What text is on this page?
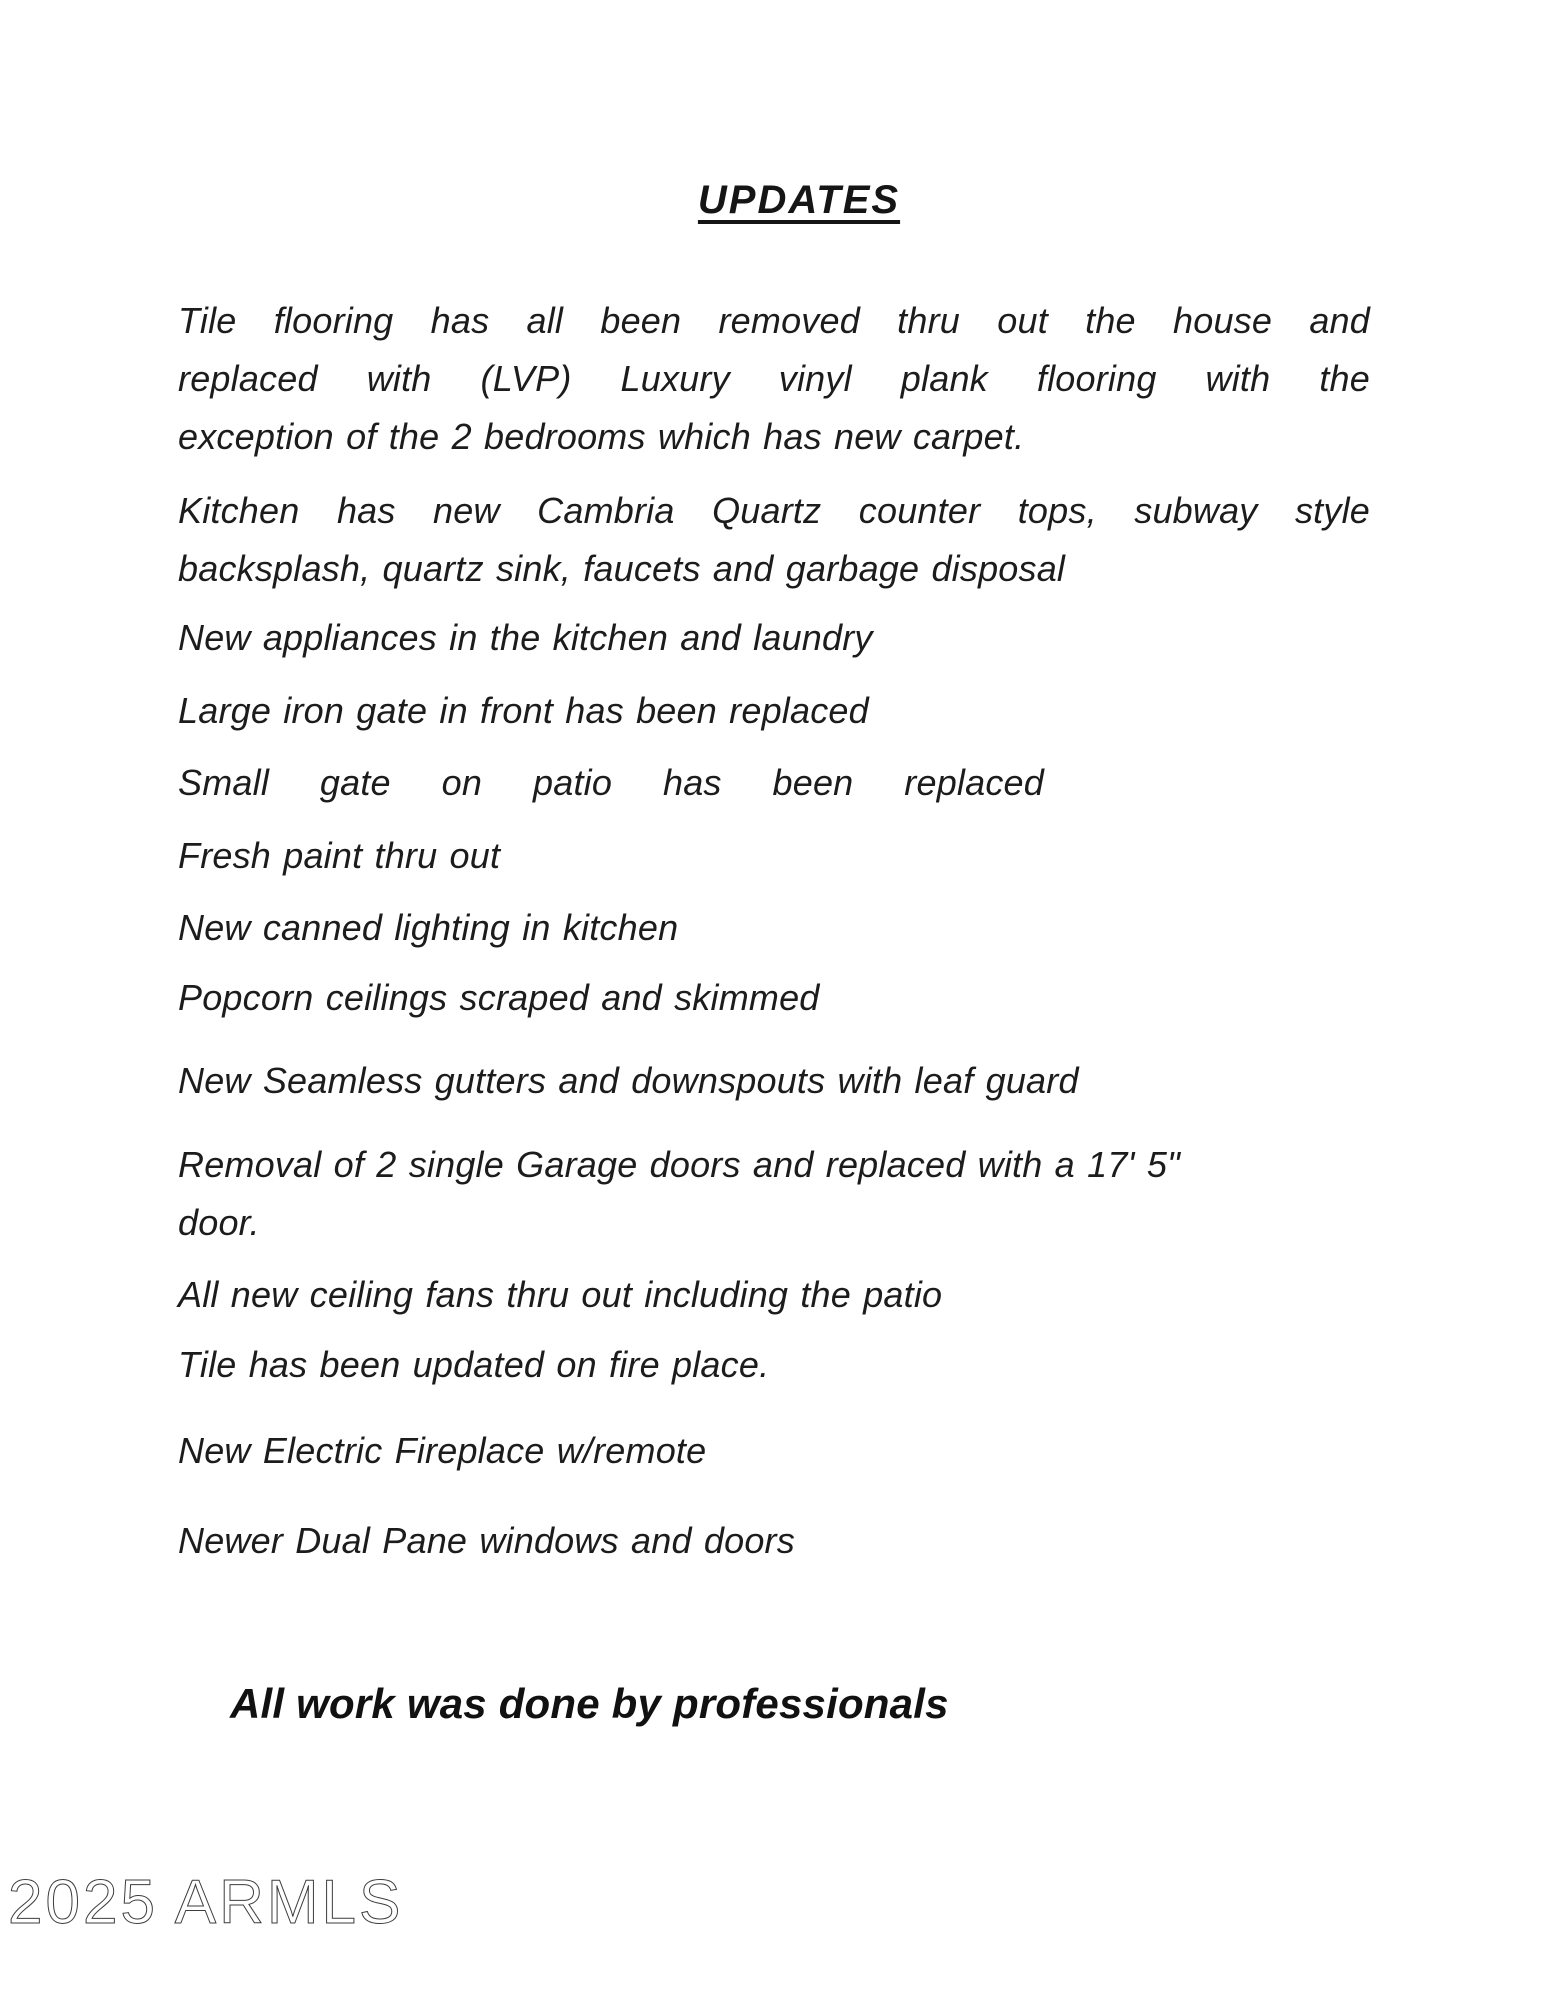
UPDATES
Tile flooring has all been removed thru out the house and
replaced with (LVP) Luxury vinyl plank flooring with the
exception of the 2 bedrooms which has new carpet.
Kitchen has new Cambria Quartz counter tops, subway style
backsplash, quartz sink, faucets and garbage disposal
New appliances in the kitchen and laundry
Large iron gate in front has been replaced
Small gate on patio has been replaced
Fresh paint thru out
New canned lighting in kitchen
Popcorn ceilings scraped and skimmed
New Seamless gutters and downspouts with leaf guard
Removal of 2 single Garage doors and replaced with a 17' 5"
door.
All new ceiling fans thru out including the patio
Tile has been updated on fire place.
New Electric Fireplace w/remote
Newer Dual Pane windows and doors
All work was done by professionals
2025 ARMLS
